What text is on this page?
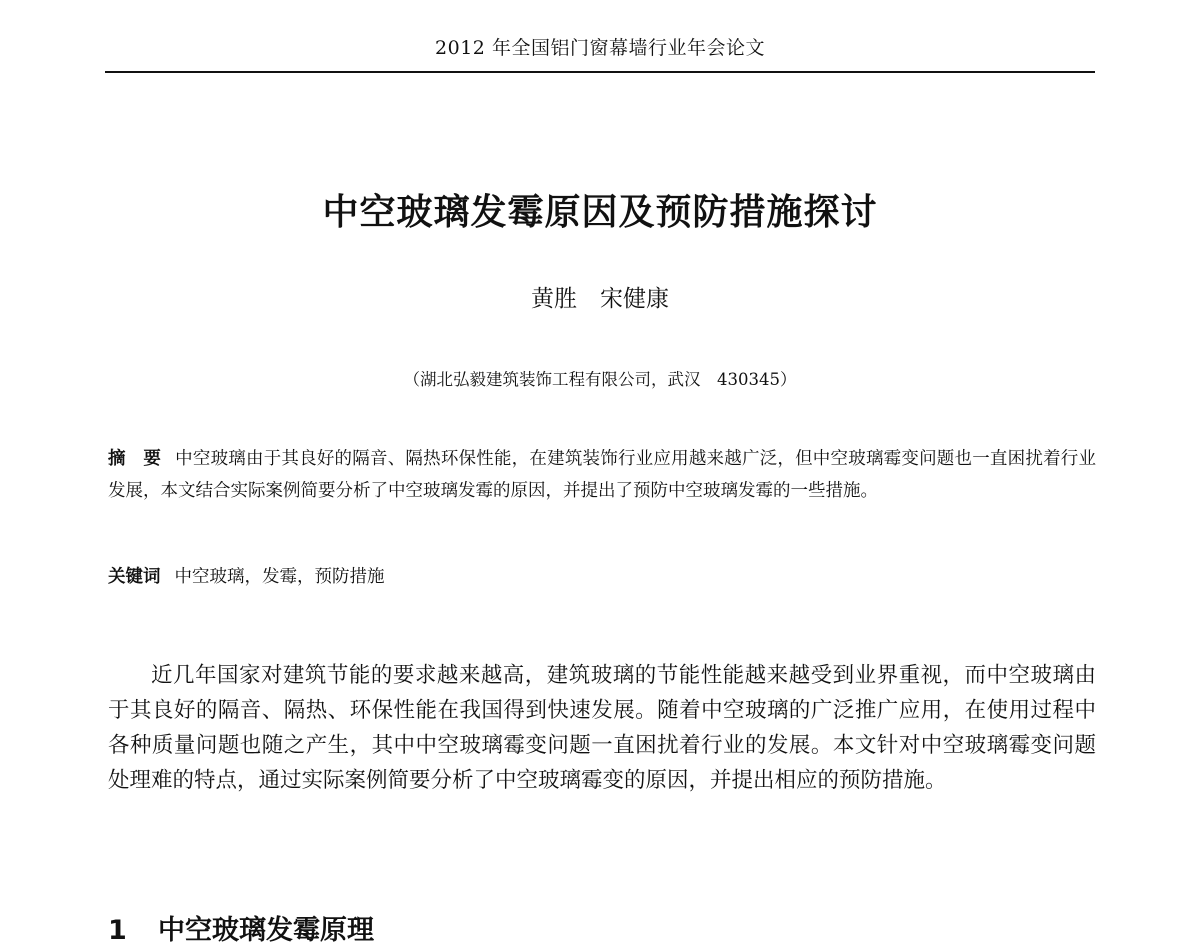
2012 年全国铝门窗幕墙行业年会论文
中空玻璃发霉原因及预防措施探讨
黄胜　宋健康
（湖北弘毅建筑装饰工程有限公司，武汉　430345）

摘　要 中空玻璃由于其良好的隔音、隔热环保性能，在建筑装饰行业应用越来越广泛，但中空玻璃霉变问题也一直困扰着行业发展，本文结合实际案例简要分析了中空玻璃发霉的原因，并提出了预防中空玻璃发霉的一些措施。

关键词 中空玻璃，发霉，预防措施

近几年国家对建筑节能的要求越来越高，建筑玻璃的节能性能越来越受到业界重视，而中空玻璃由于其良好的隔音、隔热、环保性能在我国得到快速发展。随着中空玻璃的广泛推广应用，在使用过程中各种质量问题也随之产生，其中中空玻璃霉变问题一直困扰着行业的发展。本文针对中空玻璃霉变问题处理难的特点，通过实际案例简要分析了中空玻璃霉变的原因，并提出相应的预防措施。

1 中空玻璃发霉原理
